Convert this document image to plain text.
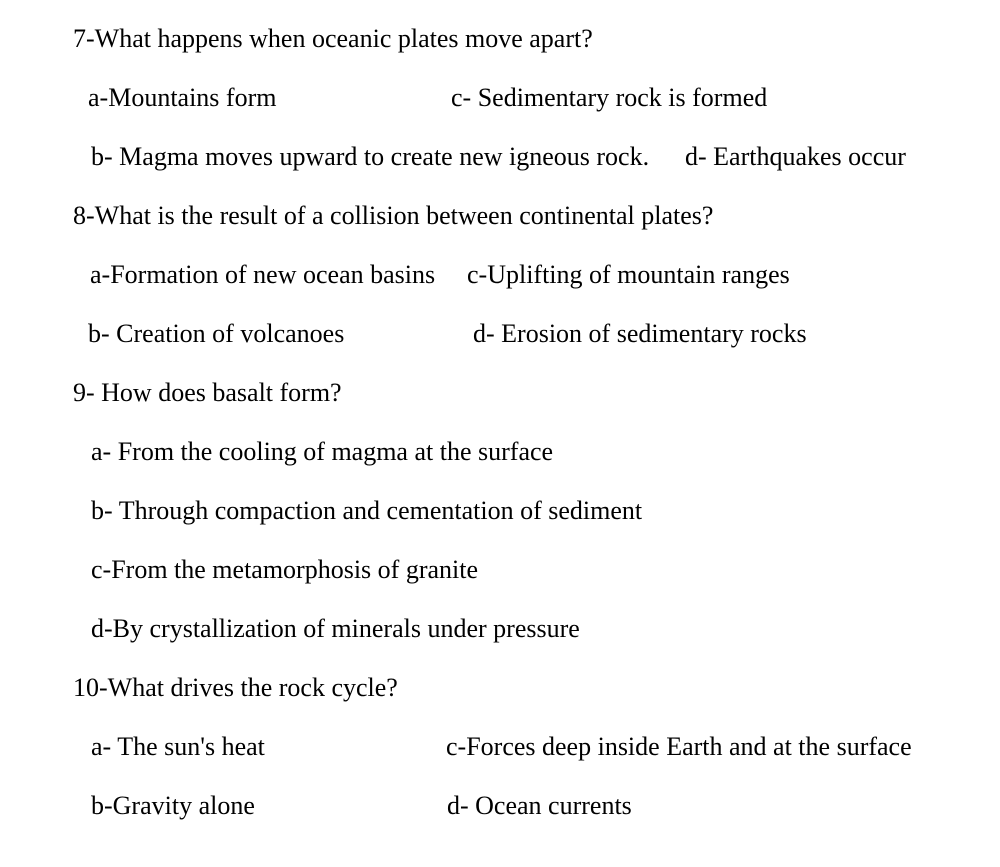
7-What happens when oceanic plates move apart?
a-Mountains form	c- Sedimentary rock is formed
b- Magma moves upward to create new igneous rock. d- Earthquakes occur
8-What is the result of a collision between continental plates?
a-Formation of new ocean basins c-Uplifting of mountain ranges
b- Creation of volcanoes	d- Erosion of sedimentary rocks
9- How does basalt form?
a- From the cooling of magma at the surface
b- Through compaction and cementation of sediment
c-From the metamorphosis of granite
d-By crystallization of minerals under pressure
10-What drives the rock cycle?
a- The sun's heat	c-Forces deep inside Earth and at the surface
b-Gravity alone	d- Ocean currents
